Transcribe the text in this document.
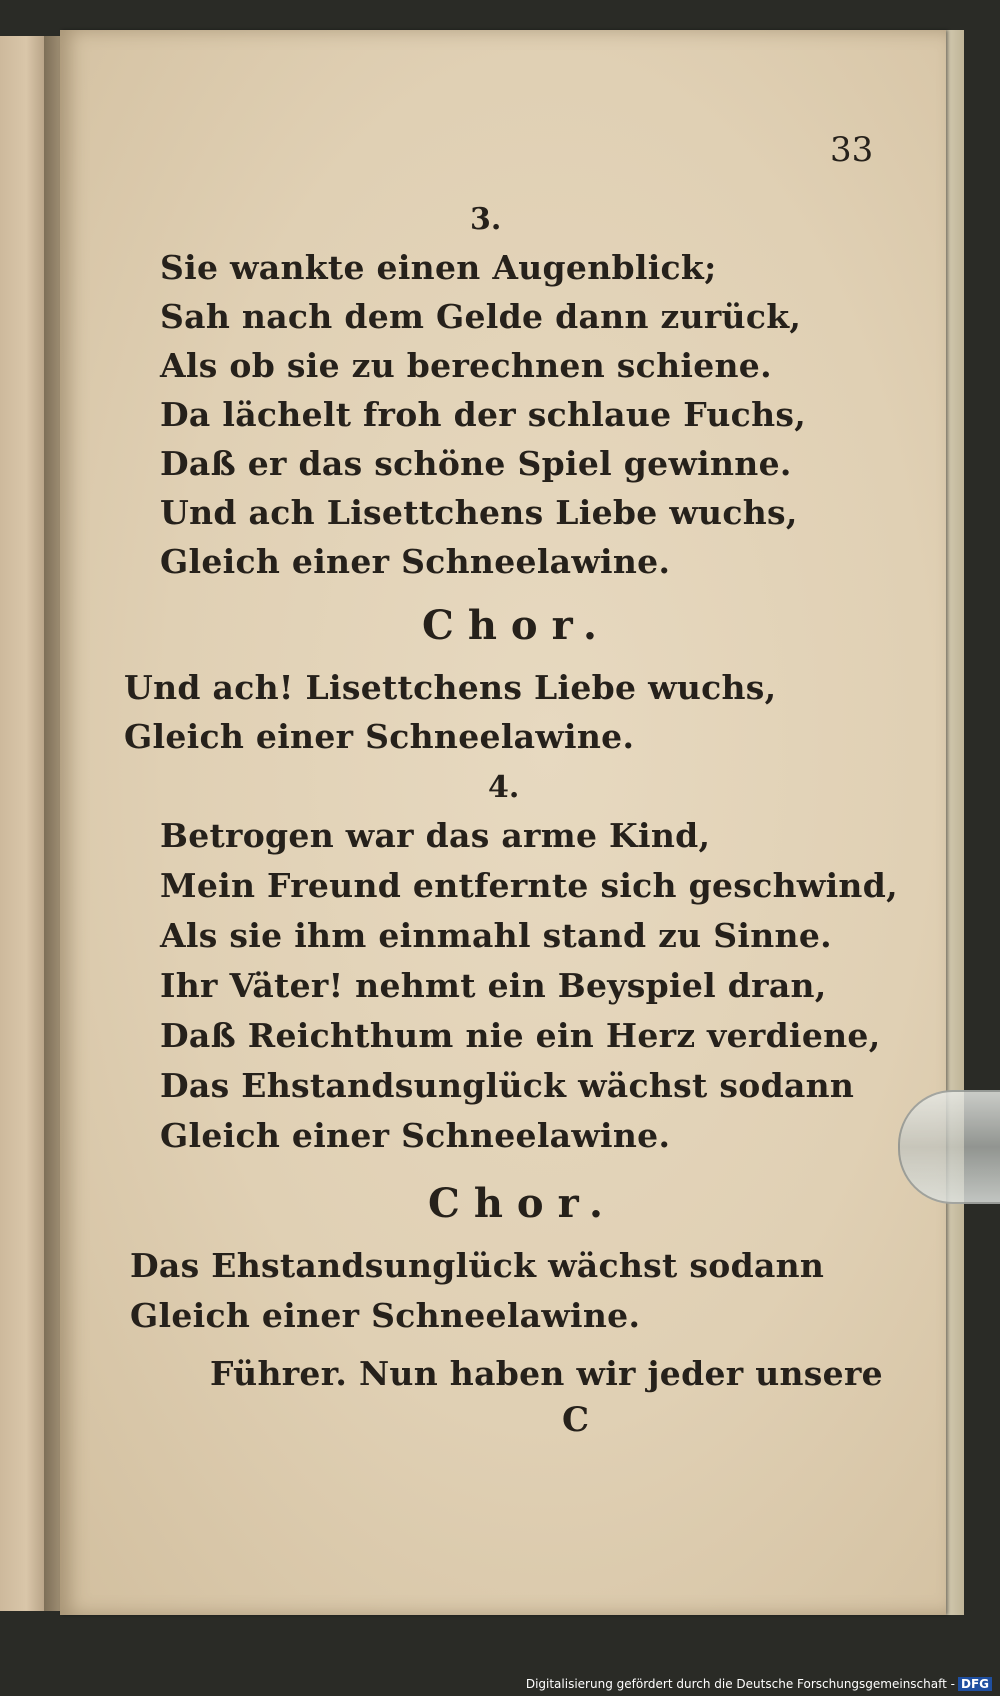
33
3.
Sie wankte einen Augenblick;
Sah nach dem Gelde dann zurück,
Als ob sie zu berechnen schiene.
Da lächelt froh der schlaue Fuchs,
Daß er das schöne Spiel gewinne.
Und ach Lisettchens Liebe wuchs,
Gleich einer Schneelawine.
Chor.
Und ach! Lisettchens Liebe wuchs,
Gleich einer Schneelawine.
4.
Betrogen war das arme Kind,
Mein Freund entfernte sich geschwind,
Als sie ihm einmahl stand zu Sinne.
Ihr Väter! nehmt ein Beyspiel dran,
Daß Reichthum nie ein Herz verdiene,
Das Ehstandsunglück wächst sodann
Gleich einer Schneelawine.
Chor.
Das Ehstandsunglück wächst sodann
Gleich einer Schneelawine.
Führer. Nun haben wir jeder unsere
C
Digitalisierung gefördert durch die Deutsche Forschungsgemeinschaft - DFG
